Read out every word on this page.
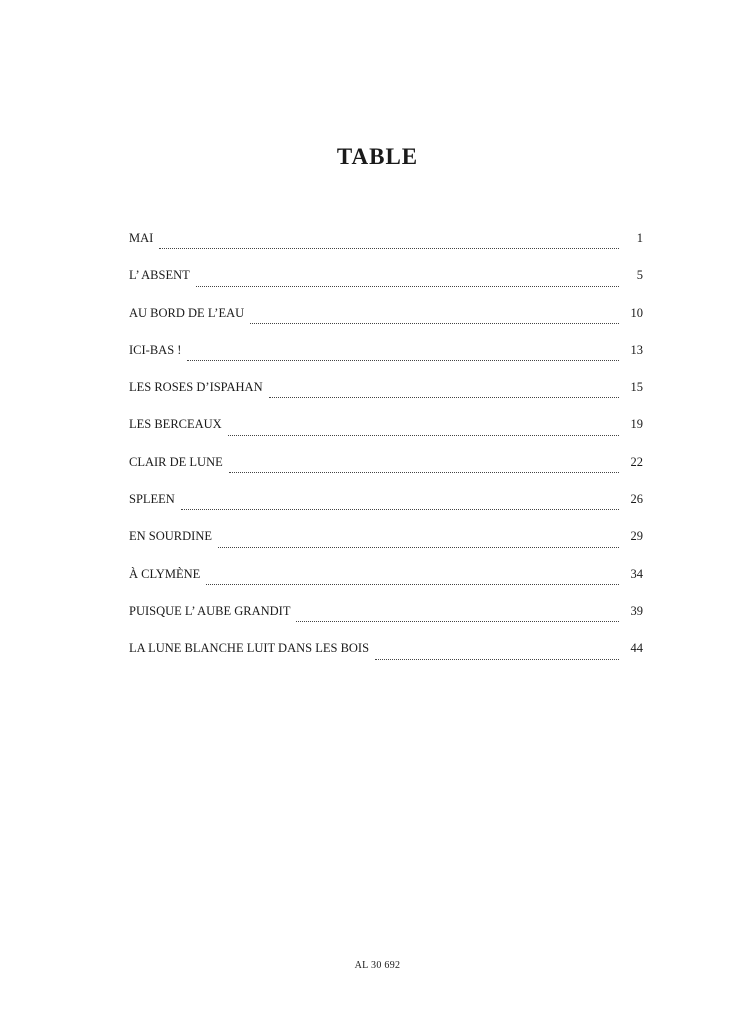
TABLE
MAI	1
L’ ABSENT	5
AU BORD DE L’EAU	10
ICI-BAS !	13
LES ROSES D’ISPAHAN	15
LES BERCEAUX	19
CLAIR DE LUNE	22
SPLEEN	26
EN SOURDINE	29
À CLYMÈNE	34
PUISQUE L’ AUBE GRANDIT	39
LA LUNE BLANCHE LUIT DANS LES BOIS	44
AL 30 692
